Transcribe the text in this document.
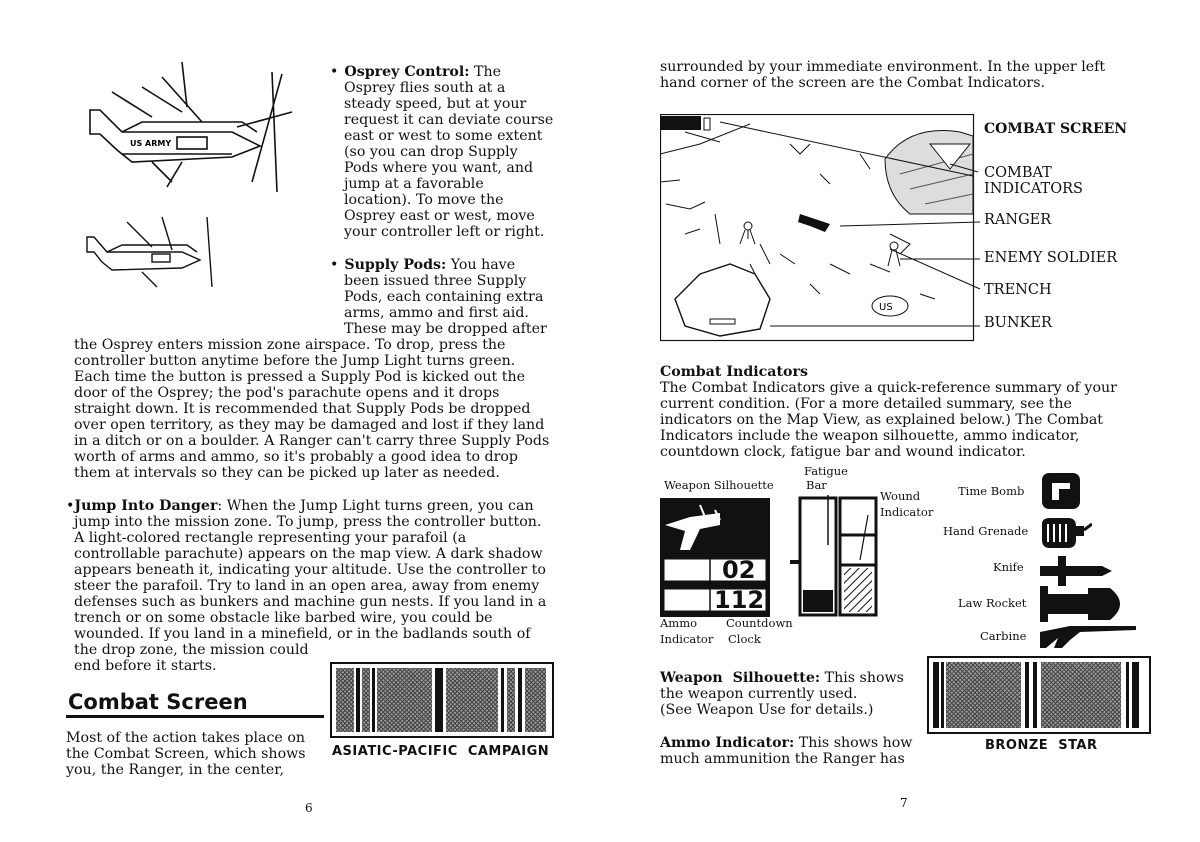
US ARMY
• Osprey Control: The
Osprey flies south at a
steady speed, but at your
request it can deviate course
east or west to some extent
(so you can drop Supply
Pods where you want, and
jump at a favorable
location). To move the
Osprey east or west, move
your controller left or right.
• Supply Pods: You have
been issued three Supply
Pods, each containing extra
arms, ammo and first aid.
These may be dropped after
the Osprey enters mission zone airspace. To drop, press the
controller button anytime before the Jump Light turns green.
Each time the button is pressed a Supply Pod is kicked out the
door of the Osprey; the pod's parachute opens and it drops
straight down. It is recommended that Supply Pods be dropped
over open territory, as they may be damaged and lost if they land
in a ditch or on a boulder. A Ranger can't carry three Supply Pods
worth of arms and ammo, so it's probably a good idea to drop
them at intervals so they can be picked up later as needed.
•Jump Into Danger: When the Jump Light turns green, you can
jump into the mission zone. To jump, press the controller button.
A light-colored rectangle representing your parafoil (a
controllable parachute) appears on the map view. A dark shadow
appears beneath it, indicating your altitude. Use the controller to
steer the parafoil. Try to land in an open area, away from enemy
defenses such as bunkers and machine gun nests. If you land in a
trench or on some obstacle like barbed wire, you could be
wounded. If you land in a minefield, or in the badlands south of
the drop zone, the mission could
end before it starts.
Combat Screen
Most of the action takes place on
the Combat Screen, which shows
you, the Ranger, in the center,
ASIATIC-PACIFIC  CAMPAIGN
6
surrounded by your immediate environment. In the upper left
hand corner of the screen are the Combat Indicators.
US
COMBAT SCREEN
COMBAT
INDICATORS
RANGER
ENEMY SOLDIER
TRENCH
BUNKER
Combat Indicators
The Combat Indicators give a quick-reference summary of your
current condition. (For a more detailed summary, see the
indicators on the Map View, as explained below.) The Combat
Indicators include the weapon silhouette, ammo indicator,
countdown clock, fatigue bar and wound indicator.
Fatigue
Bar
Weapon Silhouette
Wound
Indicator
02
112
Ammo
Indicator
Countdown
Clock
Time Bomb
Hand Grenade
Knife
Law Rocket
Carbine
Weapon  Silhouette: This shows
the weapon currently used.
(See Weapon Use for details.)
Ammo Indicator: This shows how
much ammunition the Ranger has
BRONZE  STAR
7
